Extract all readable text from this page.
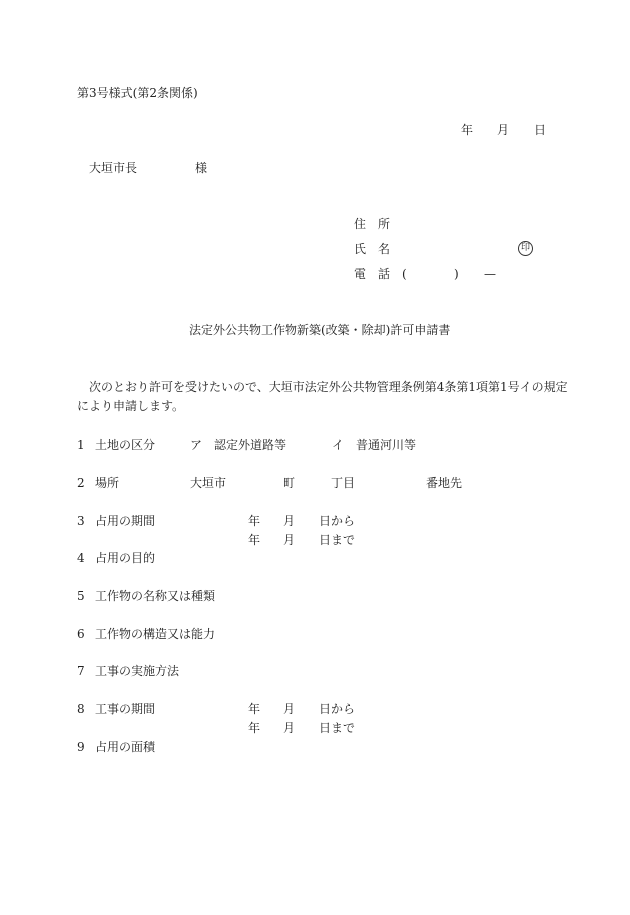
第3号様式(第2条関係)
年 月 日
大垣市長	様
住　所
氏　名	印
電　話 (	) —
法定外公共物工作物新築(改築・除却)許可申請書
次のとおり許可を受けたいので、大垣市法定外公共物管理条例第4条第1項第1号イの規定
により申請します。
1 土地の区分	ア　認定外道路等	イ　普通河川等
2 場所	大垣市	町	丁目	番地先
3 占用の期間	年 月 日から
年 月 日まで
4 占用の目的
5 工作物の名称又は種類
6 工作物の構造又は能力
7 工事の実施方法
8 工事の期間	年 月 日から
年 月 日まで
9 占用の面積
